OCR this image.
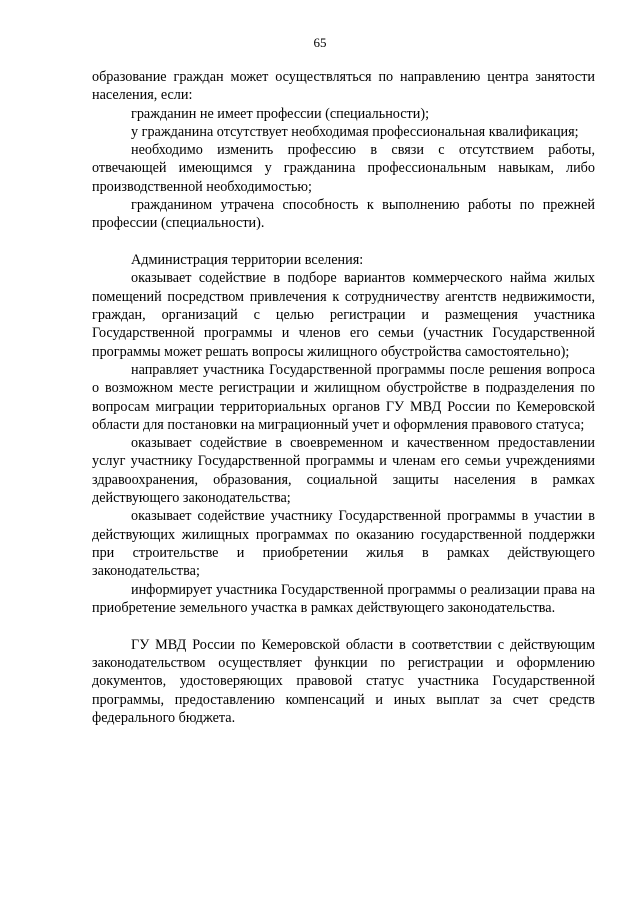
65

образование граждан может осуществляться по направлению центра занятости населения, если:

гражданин не имеет профессии (специальности);

у гражданина отсутствует необходимая профессиональная квалификация;

необходимо изменить профессию в связи с отсутствием работы, отвечающей имеющимся у гражданина профессиональным навыкам, либо производственной необходимостью;

гражданином утрачена способность к выполнению работы по прежней профессии (специальности).

Администрация территории вселения:

оказывает содействие в подборе вариантов коммерческого найма жилых помещений посредством привлечения к сотрудничеству агентств недвижимости, граждан, организаций с целью регистрации и размещения участника Государственной программы и членов его семьи (участник Государственной программы может решать вопросы жилищного обустройства самостоятельно);

направляет участника Государственной программы после решения вопроса о возможном месте регистрации и жилищном обустройстве в подразделения по вопросам миграции территориальных органов ГУ МВД России по Кемеровской области для постановки на миграционный учет и оформления правового статуса;

оказывает содействие в своевременном и качественном предоставлении услуг участнику Государственной программы и членам его семьи учреждениями здравоохранения, образования, социальной защиты населения в рамках действующего законодательства;

оказывает содействие участнику Государственной программы в участии в действующих жилищных программах по оказанию государственной поддержки при строительстве и приобретении жилья в рамках действующего законодательства;

информирует участника Государственной программы о реализации права на приобретение земельного участка в рамках действующего законодательства.

ГУ МВД России по Кемеровской области в соответствии с действующим законодательством осуществляет функции по регистрации и оформлению документов, удостоверяющих правовой статус участника Государственной программы, предоставлению компенсаций и иных выплат за счет средств федерального бюджета.
